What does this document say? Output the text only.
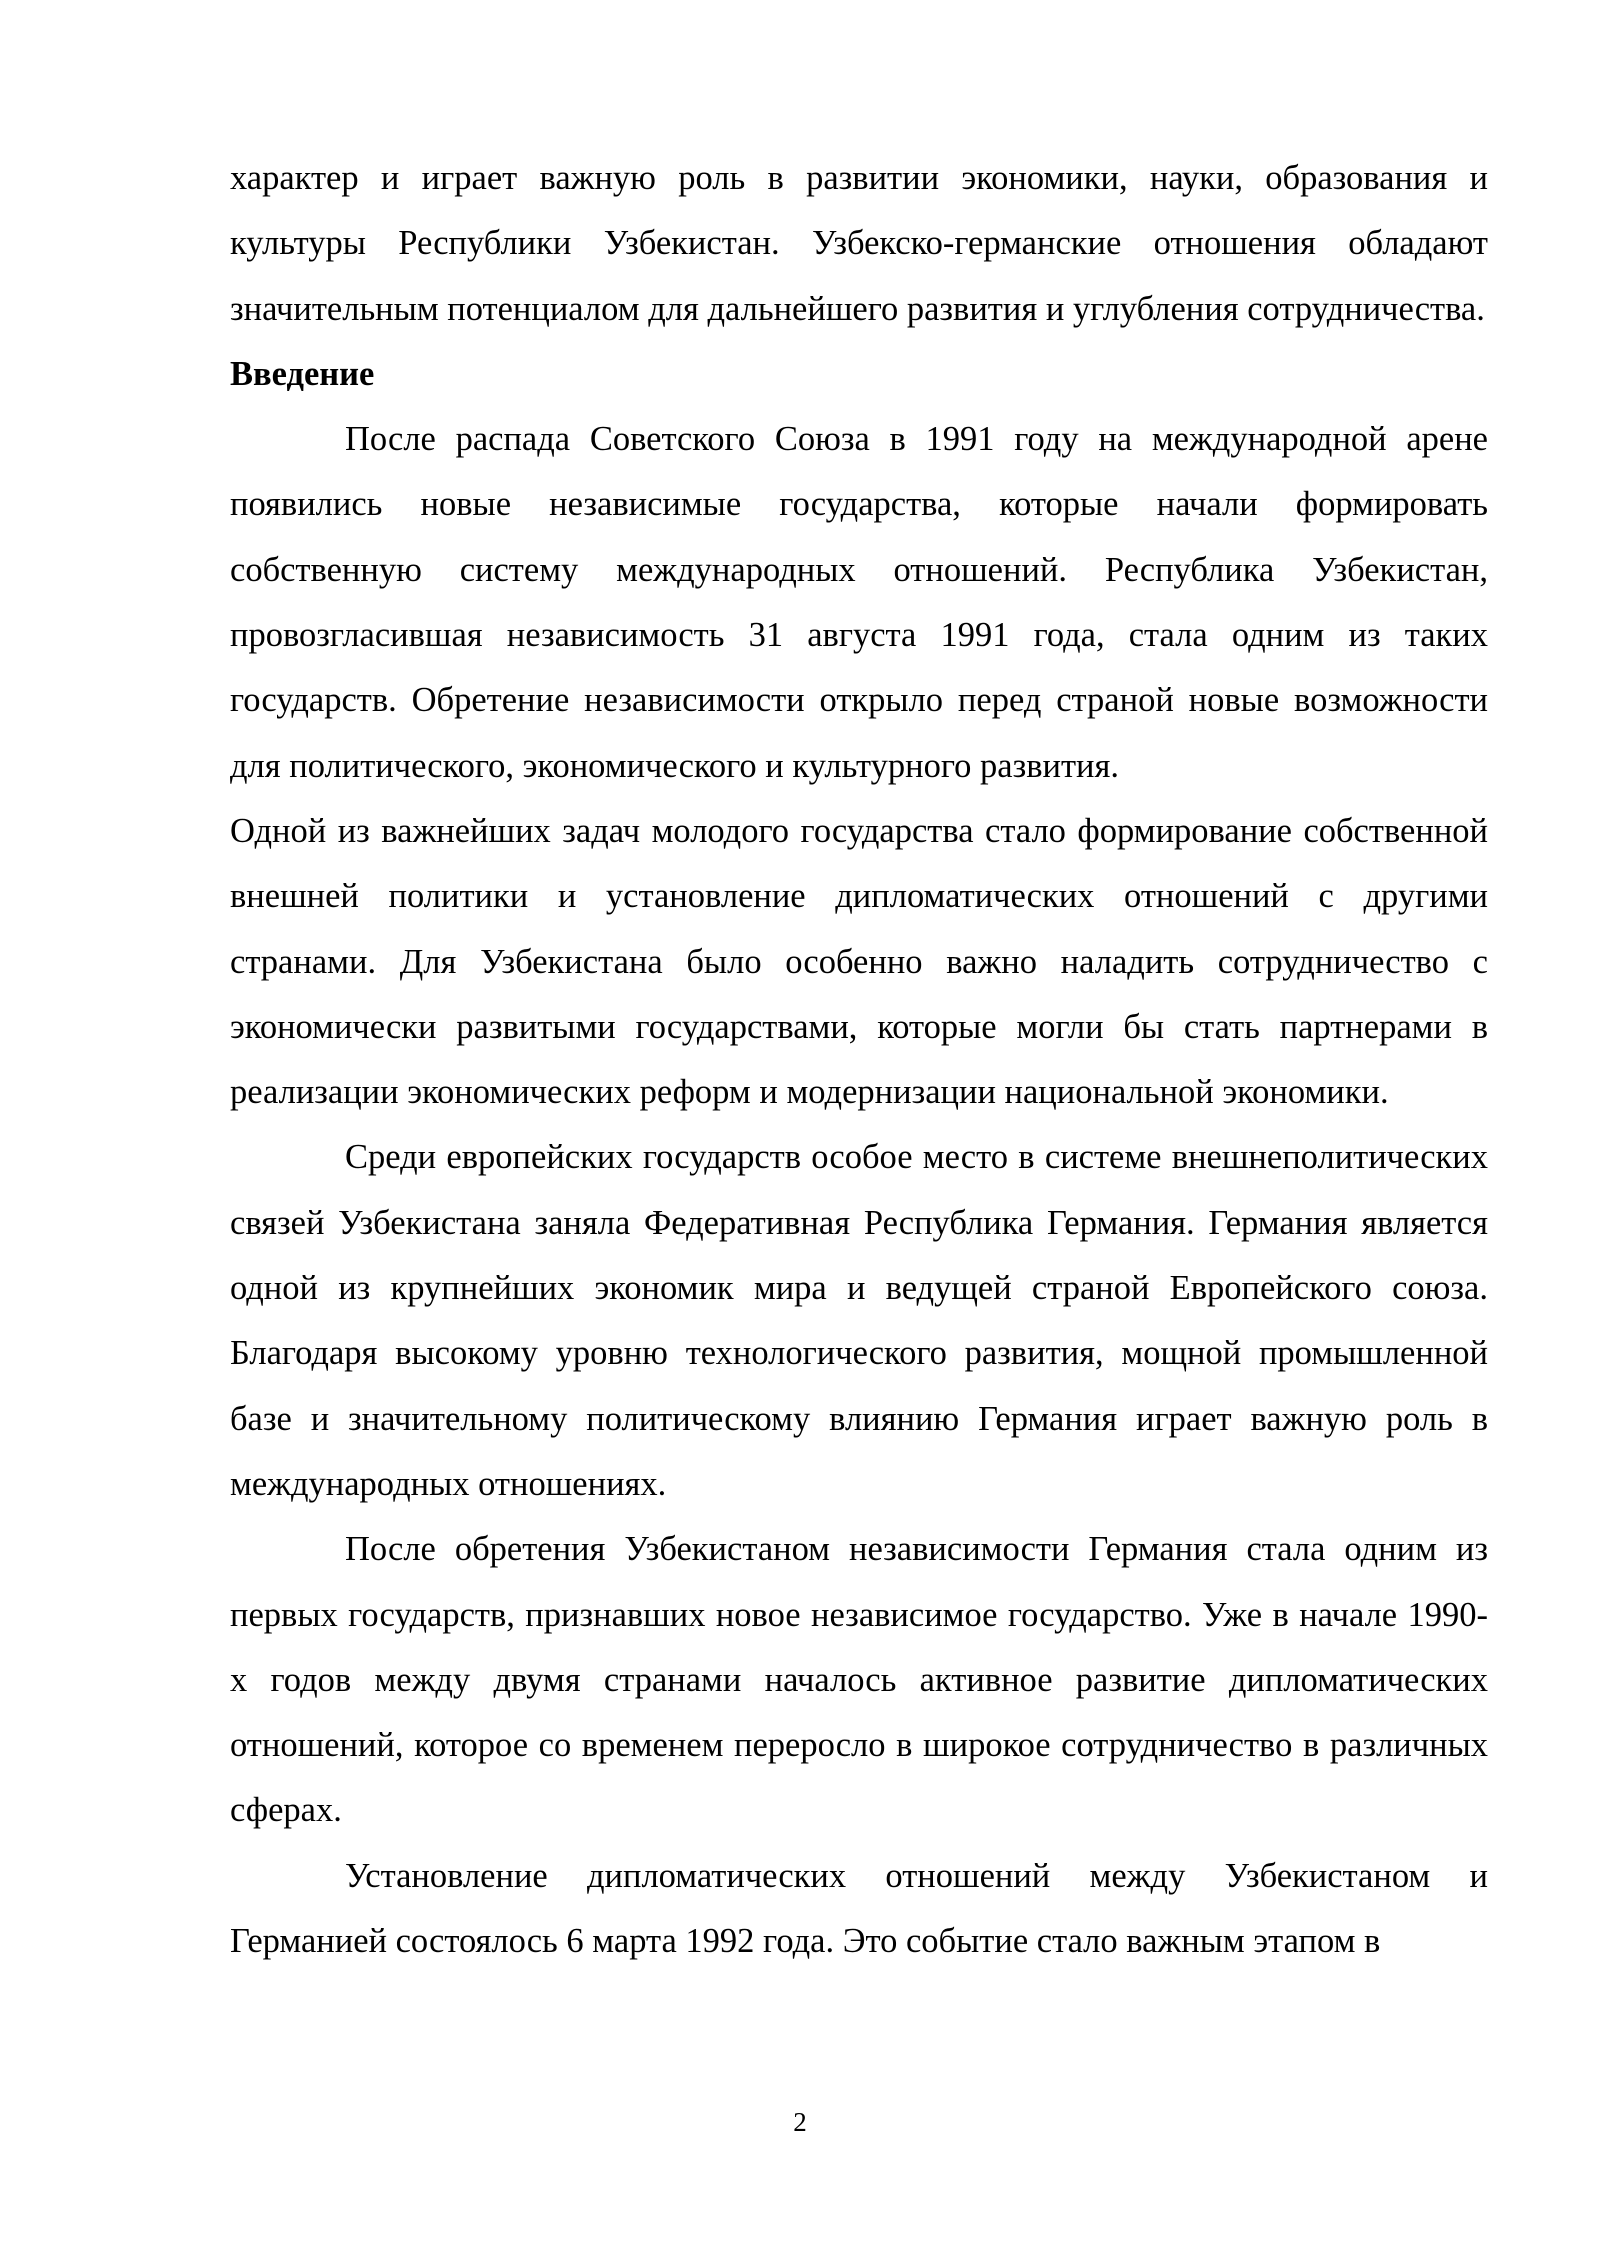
характер и играет важную роль в развитии экономики, науки, образования и культуры Республики Узбекистан. Узбекско-германские отношения обладают значительным потенциалом для дальнейшего развития и углубления сотрудничества.

Введение

После распада Советского Союза в 1991 году на международной арене появились новые независимые государства, которые начали формировать собственную систему международных отношений. Республика Узбекистан, провозгласившая независимость 31 августа 1991 года, стала одним из таких государств. Обретение независимости открыло перед страной новые возможности для политического, экономического и культурного развития.

Одной из важнейших задач молодого государства стало формирование собственной внешней политики и установление дипломатических отношений с другими странами. Для Узбекистана было особенно важно наладить сотрудничество с экономически развитыми государствами, которые могли бы стать партнерами в реализации экономических реформ и модернизации национальной экономики.

Среди европейских государств особое место в системе внешнеполитических связей Узбекистана заняла Федеративная Республика Германия. Германия является одной из крупнейших экономик мира и ведущей страной Европейского союза. Благодаря высокому уровню технологического развития, мощной промышленной базе и значительному политическому влиянию Германия играет важную роль в международных отношениях.

После обретения Узбекистаном независимости Германия стала одним из первых государств, признавших новое независимое государство. Уже в начале 1990-х годов между двумя странами началось активное развитие дипломатических отношений, которое со временем переросло в широкое сотрудничество в различных сферах.

Установление дипломатических отношений между Узбекистаном и Германией состоялось 6 марта 1992 года. Это событие стало важным этапом в

2
